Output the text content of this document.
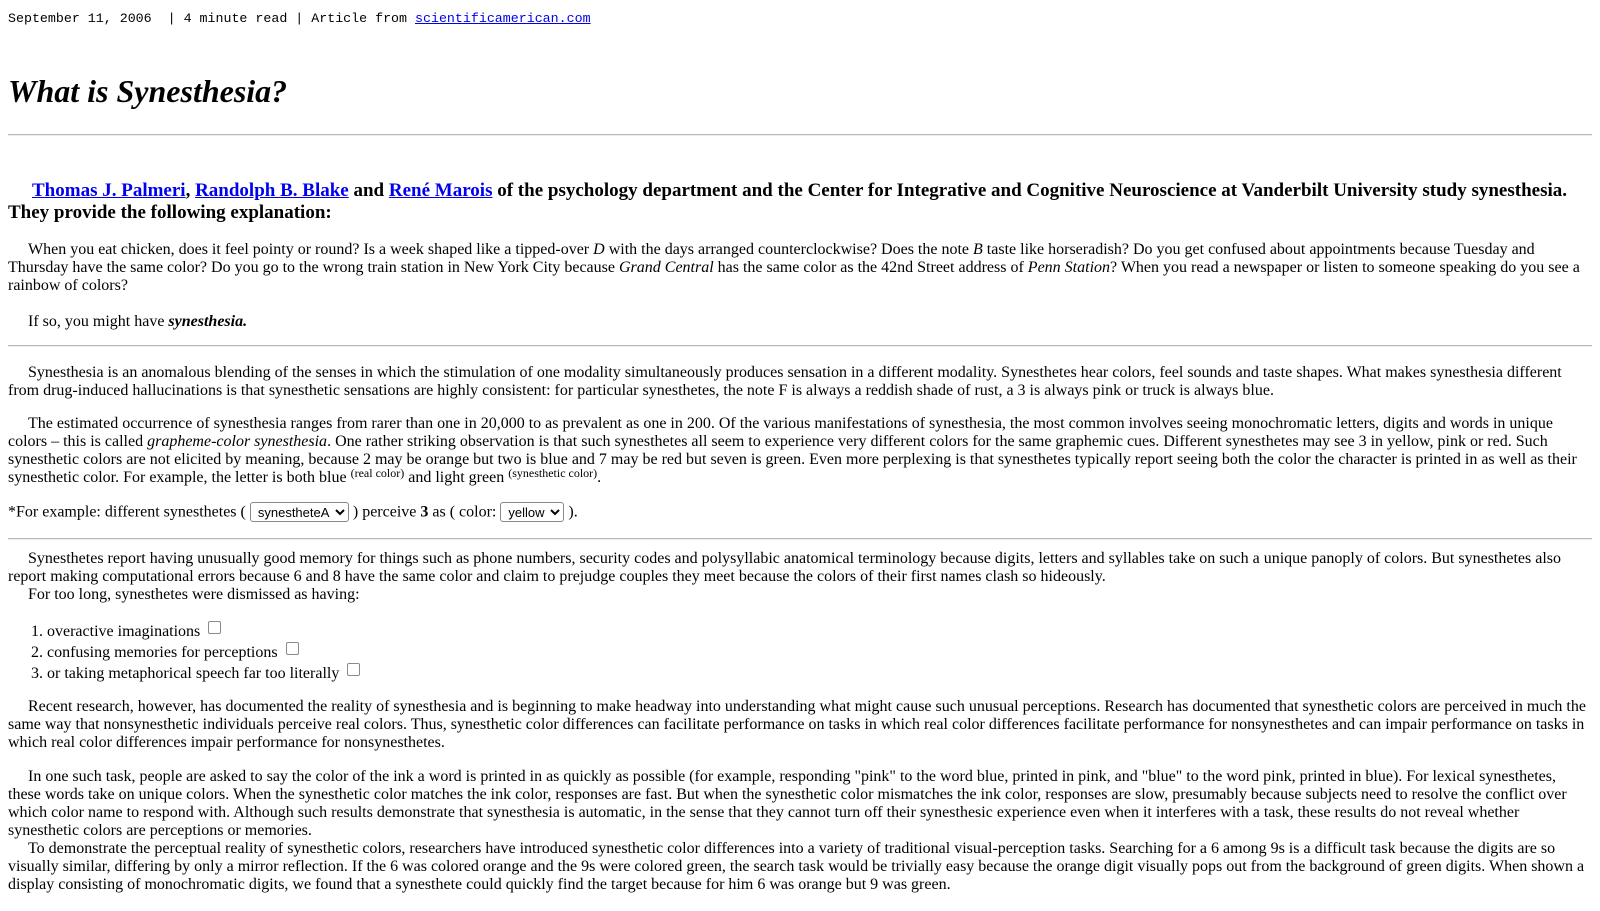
September 11, 2006 | 4 minute read | Article from scientificamerican.com
What is Synesthesia?
Thomas J. Palmeri, Randolph B. Blake and René Marois of the psychology department and the Center for Integrative and Cognitive Neuroscience at Vanderbilt University study synesthesia. They provide the following explanation:

When you eat chicken, does it feel pointy or round? Is a week shaped like a tipped-over D with the days arranged counterclockwise? Does the note B taste like horseradish? Do you get confused about appointments because Tuesday and Thursday have the same color? Do you go to the wrong train station in New York City because Grand Central has the same color as the 42nd Street address of Penn Station? When you read a newspaper or listen to someone speaking do you see a rainbow of colors?

If so, you might have synesthesia.

Synesthesia is an anomalous blending of the senses in which the stimulation of one modality simultaneously produces sensation in a different modality. Synesthetes hear colors, feel sounds and taste shapes. What makes synesthesia different from drug-induced hallucinations is that synesthetic sensations are highly consistent: for particular synesthetes, the note F is always a reddish shade of rust, a 3 is always pink or truck is always blue.

The estimated occurrence of synesthesia ranges from rarer than one in 20,000 to as prevalent as one in 200. Of the various manifestations of synesthesia, the most common involves seeing monochromatic letters, digits and words in unique colors – this is called grapheme-color synesthesia. One rather striking observation is that such synesthetes all seem to experience very different colors for the same graphemic cues. Different synesthetes may see 3 in yellow, pink or red. Such synesthetic colors are not elicited by meaning, because 2 may be orange but two is blue and 7 may be red but seven is green. Even more perplexing is that synesthetes typically report seeing both the color the character is printed in as well as their synesthetic color. For example, the letter is both blue $^{(real color)}$ and light green $^{(synesthetic color)}$.

*For example: different synesthetes (
synestheteA	) perceive 3 as ( color:
yellow	).

Synesthetes report having unusually good memory for things such as phone numbers, security codes and polysyllabic anatomical terminology because digits, letters and syllables take on such a unique panoply of colors. But synesthetes also report making computational errors because 6 and 8 have the same color and claim to prejudge couples they meet because the colors of their first names clash so hideously.

For too long, synesthetes were dismissed as having:

1. overactive imaginations
2. confusing memories for perceptions
3. or taking metaphorical speech far too literally

Recent research, however, has documented the reality of synesthesia and is beginning to make headway into understanding what might cause such unusual perceptions. Research has documented that synesthetic colors are perceived in much the same way that nonsynesthetic individuals perceive real colors. Thus, synesthetic color differences can facilitate performance on tasks in which real color differences facilitate performance for nonsynesthetes and can impair performance on tasks in which real color differences impair performance for nonsynesthetes.

In one such task, people are asked to say the color of the ink a word is printed in as quickly as possible (for example, responding "pink" to the word blue, printed in pink, and "blue" to the word pink, printed in blue). For lexical synesthetes, these words take on unique colors. When the synesthetic color matches the ink color, responses are fast. But when the synesthetic color mismatches the ink color, responses are slow, presumably because subjects need to resolve the conflict over which color name to respond with. Although such results demonstrate that synesthesia is automatic, in the sense that they cannot turn off their synesthesic experience even when it interferes with a task, these results do not reveal whether synesthetic colors are perceptions or memories.

To demonstrate the perceptual reality of synesthetic colors, researchers have introduced synesthetic color differences into a variety of traditional visual-perception tasks. Searching for a 6 among 9s is a difficult task because the digits are so visually similar, differing by only a mirror reflection. If the 6 was colored orange and the 9s were colored green, the search task would be trivially easy because the orange digit visually pops out from the background of green digits. When shown a display consisting of monochromatic digits, we found that a synesthete could quickly find the target because for him 6 was orange but 9 was green.
